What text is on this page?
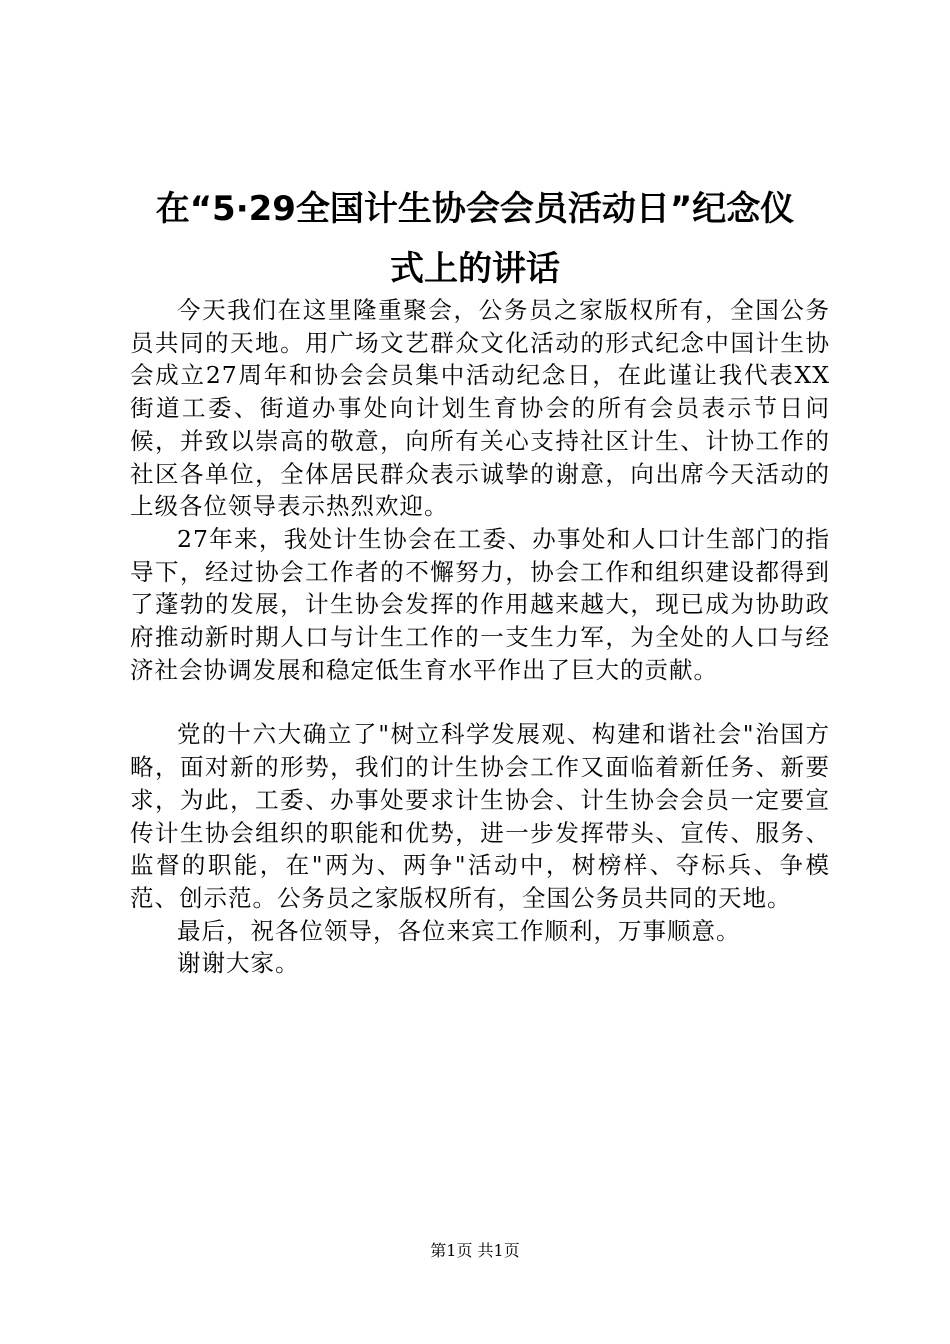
在“5·29全国计生协会会员活动日”纪念仪
式上的讲话

今天我们在这里隆重聚会，公务员之家版权所有，全国公务员共同的天地。用广场文艺群众文化活动的形式纪念中国计生协会成立27周年和协会会员集中活动纪念日，在此谨让我代表XX街道工委、街道办事处向计划生育协会的所有会员表示节日问候，并致以崇高的敬意，向所有关心支持社区计生、计协工作的社区各单位，全体居民群众表示诚挚的谢意，向出席今天活动的上级各位领导表示热烈欢迎。

27年来，我处计生协会在工委、办事处和人口计生部门的指导下，经过协会工作者的不懈努力，协会工作和组织建设都得到了蓬勃的发展，计生协会发挥的作用越来越大，现已成为协助政府推动新时期人口与计生工作的一支生力军，为全处的人口与经济社会协调发展和稳定低生育水平作出了巨大的贡献。

党的十六大确立了"树立科学发展观、构建和谐社会"治国方略，面对新的形势，我们的计生协会工作又面临着新任务、新要求，为此，工委、办事处要求计生协会、计生协会会员一定要宣传计生协会组织的职能和优势，进一步发挥带头、宣传、服务、监督的职能，在"两为、两争"活动中，树榜样、夺标兵、争模范、创示范。公务员之家版权所有，全国公务员共同的天地。

最后，祝各位领导，各位来宾工作顺利，万事顺意。

谢谢大家。

第1页 共1页
